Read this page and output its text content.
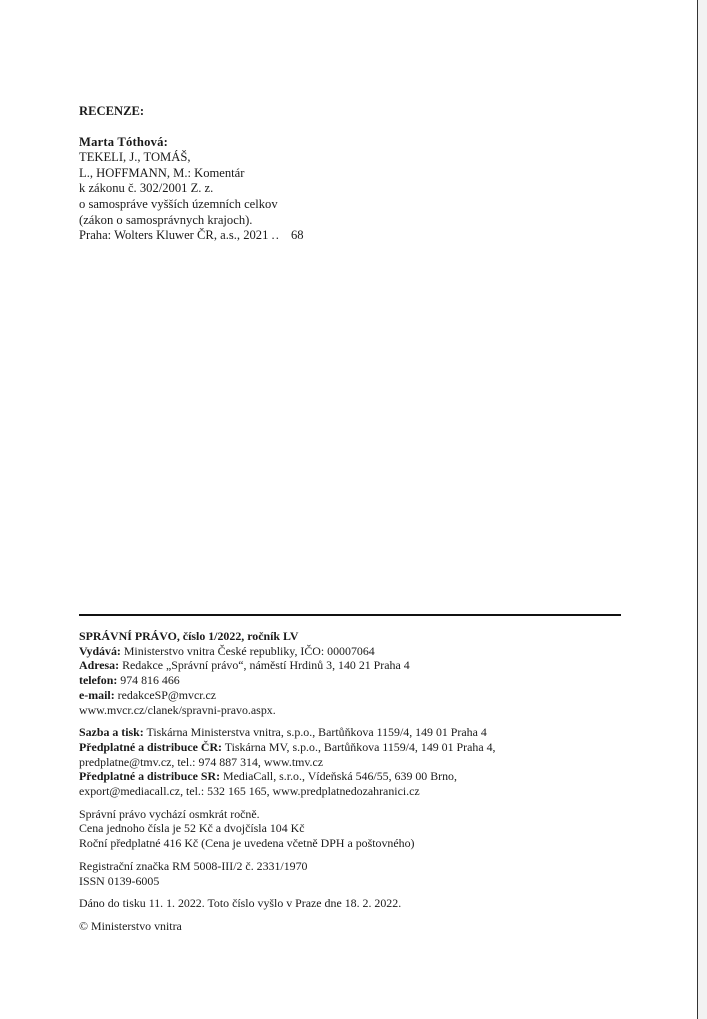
RECENZE:
Marta Tóthová:
TEKELI, J., TOMÁŠ,
L., HOFFMANN, M.: Komentár
k zákonu č. 302/2001 Z. z.
o samospráve vyšších územních celkov
(zákon o samosprávnych krajoch).
Praha: Wolters Kluwer ČR, a.s., 2021 .. 68
SPRÁVNÍ PRÁVO, číslo 1/2022, ročník LV
Vydává: Ministerstvo vnitra České republiky, IČO: 00007064
Adresa: Redakce „Správní právo“, náměstí Hrdinů 3, 140 21 Praha 4
telefon: 974 816 466
e-mail: redakceSP@mvcr.cz
www.mvcr.cz/clanek/spravni-pravo.aspx.
Sazba a tisk: Tiskárna Ministerstva vnitra, s.p.o., Bartůňkova 1159/4, 149 01 Praha 4
Předplatné a distribuce ČR: Tiskárna MV, s.p.o., Bartůňkova 1159/4, 149 01 Praha 4,
predplatne@tmv.cz, tel.: 974 887 314, www.tmv.cz
Předplatné a distribuce SR: MediaCall, s.r.o., Vídeňská 546/55, 639 00 Brno,
export@mediacall.cz, tel.: 532 165 165, www.predplatnedozahranici.cz
Správní právo vychází osmkrát ročně.
Cena jednoho čísla je 52 Kč a dvojčísla 104 Kč
Roční předplatné 416 Kč (Cena je uvedena včetně DPH a poštovného)
Registrační značka RM 5008-III/2 č. 2331/1970
ISSN 0139-6005
Dáno do tisku 11. 1. 2022. Toto číslo vyšlo v Praze dne 18. 2. 2022.
© Ministerstvo vnitra
